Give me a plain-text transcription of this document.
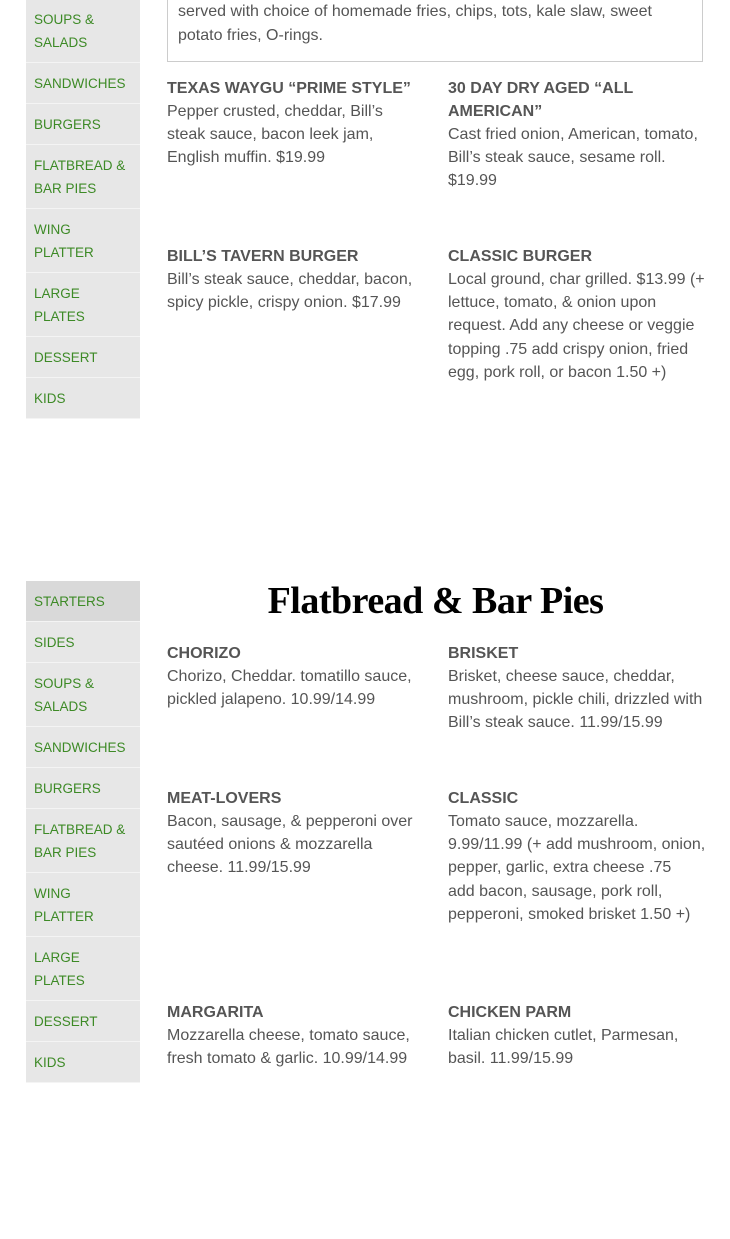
SOUPS & SALADS
SANDWICHES
BURGERS
FLATBREAD & BAR PIES
WING PLATTER
LARGE PLATES
DESSERT
KIDS
served with choice of homemade fries, chips, tots, kale slaw, sweet potato fries, O-rings.
TEXAS WAYGU “PRIME STYLE”
Pepper crusted, cheddar, Bill’s steak sauce, bacon leek jam, English muffin. $19.99
30 DAY DRY AGED “ALL AMERICAN”
Cast fried onion, American, tomato, Bill’s steak sauce, sesame roll. $19.99
BILL’S TAVERN BURGER
Bill’s steak sauce, cheddar, bacon, spicy pickle, crispy onion. $17.99
CLASSIC BURGER
Local ground, char grilled. $13.99 (+ lettuce, tomato, & onion upon request. Add any cheese or veggie topping .75 add crispy onion, fried egg, pork roll, or bacon 1.50 +)
STARTERS
SIDES
SOUPS & SALADS
SANDWICHES
BURGERS
FLATBREAD & BAR PIES
WING PLATTER
LARGE PLATES
DESSERT
KIDS
Flatbread & Bar Pies
CHORIZO
Chorizo, Cheddar. tomatillo sauce, pickled jalapeno. 10.99/14.99
BRISKET
Brisket, cheese sauce, cheddar, mushroom, pickle chili, drizzled with Bill’s steak sauce. 11.99/15.99
MEAT-LOVERS
Bacon, sausage, & pepperoni over sautéed onions & mozzarella cheese. 11.99/15.99
CLASSIC
Tomato sauce, mozzarella. 9.99/11.99 (+ add mushroom, onion, pepper, garlic, extra cheese .75
add bacon, sausage, pork roll, pepperoni, smoked brisket 1.50 +)
MARGARITA
Mozzarella cheese, tomato sauce, fresh tomato & garlic. 10.99/14.99
CHICKEN PARM
Italian chicken cutlet, Parmesan, basil. 11.99/15.99
